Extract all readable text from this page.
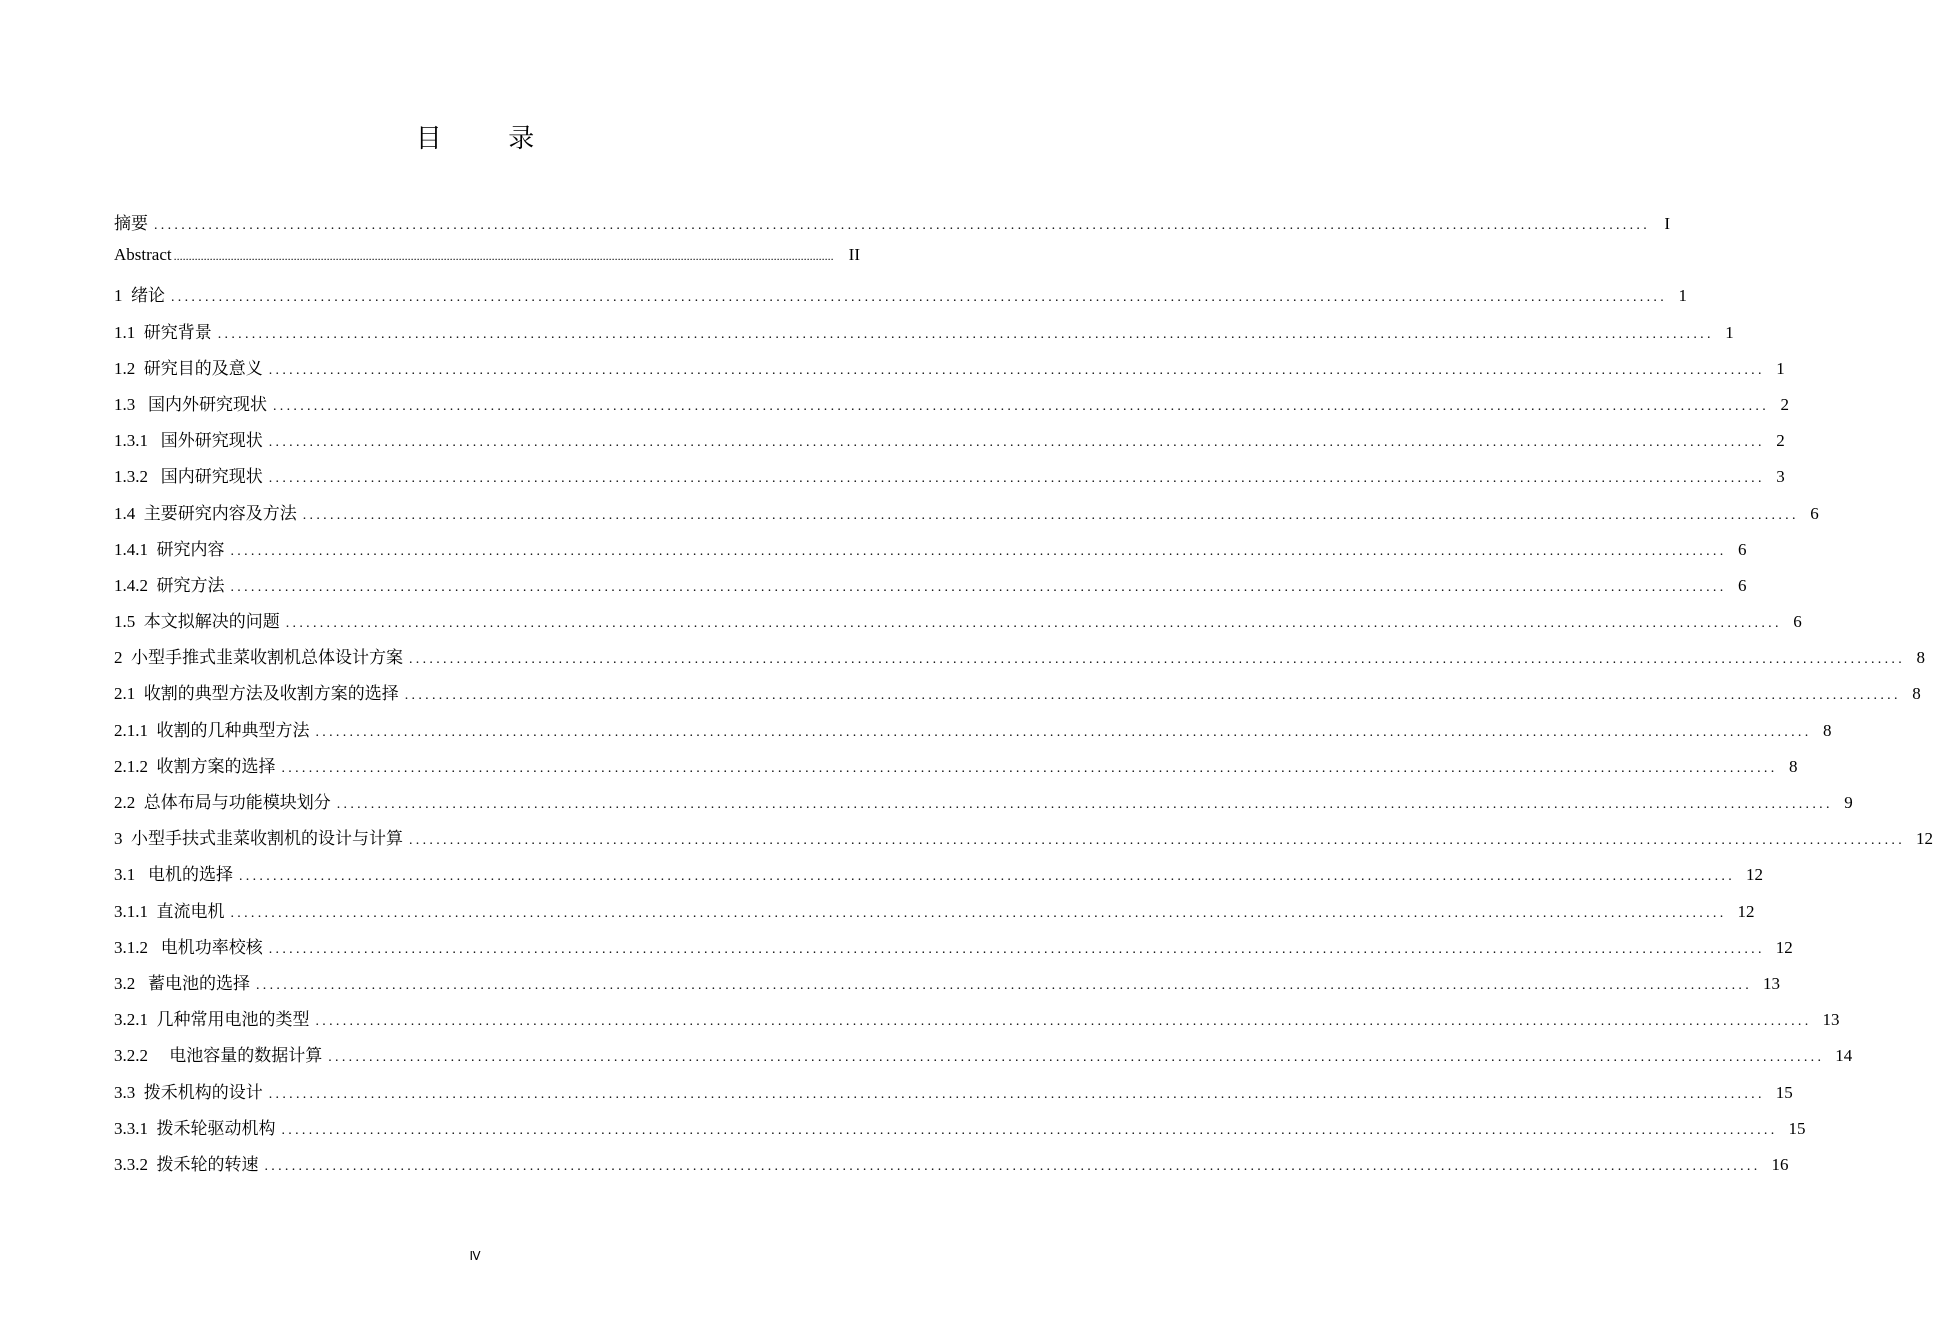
目 录
摘要 ............................................................................................................................................................................................................................ I
Abstract ............................................................................................................................................................................................................................ II
1  绪论 ............................................................................................................................................................................................................................ 1
1.1  研究背景 ............................................................................................................................................................................................................................ 1
1.2  研究目的及意义 ............................................................................................................................................................................................................................ 1
1.3   国内外研究现状 ............................................................................................................................................................................................................................ 2
1.3.1   国外研究现状 ............................................................................................................................................................................................................................ 2
1.3.2   国内研究现状 ............................................................................................................................................................................................................................ 3
1.4  主要研究内容及方法 ............................................................................................................................................................................................................................ 6
1.4.1  研究内容 ............................................................................................................................................................................................................................ 6
1.4.2  研究方法 ............................................................................................................................................................................................................................ 6
1.5  本文拟解决的问题 ............................................................................................................................................................................................................................ 6
2  小型手推式韭菜收割机总体设计方案 ............................................................................................................................................................................................................................ 8
2.1  收割的典型方法及收割方案的选择 ............................................................................................................................................................................................................................ 8
2.1.1  收割的几种典型方法 ............................................................................................................................................................................................................................ 8
2.1.2  收割方案的选择 ............................................................................................................................................................................................................................ 8
2.2  总体布局与功能模块划分 ............................................................................................................................................................................................................................ 9
3  小型手扶式韭菜收割机的设计与计算 ............................................................................................................................................................................................................................ 12
3.1   电机的选择 ............................................................................................................................................................................................................................ 12
3.1.1  直流电机 ............................................................................................................................................................................................................................ 12
3.1.2   电机功率校核 ............................................................................................................................................................................................................................ 12
3.2   蓄电池的选择 ............................................................................................................................................................................................................................ 13
3.2.1  几种常用电池的类型 ............................................................................................................................................................................................................................ 13
3.2.2     电池容量的数据计算 ............................................................................................................................................................................................................................ 14
3.3  拨禾机构的设计 ............................................................................................................................................................................................................................ 15
3.3.1  拨禾轮驱动机构 ............................................................................................................................................................................................................................ 15
3.3.2  拨禾轮的转速 ............................................................................................................................................................................................................................ 16
Ⅳ
